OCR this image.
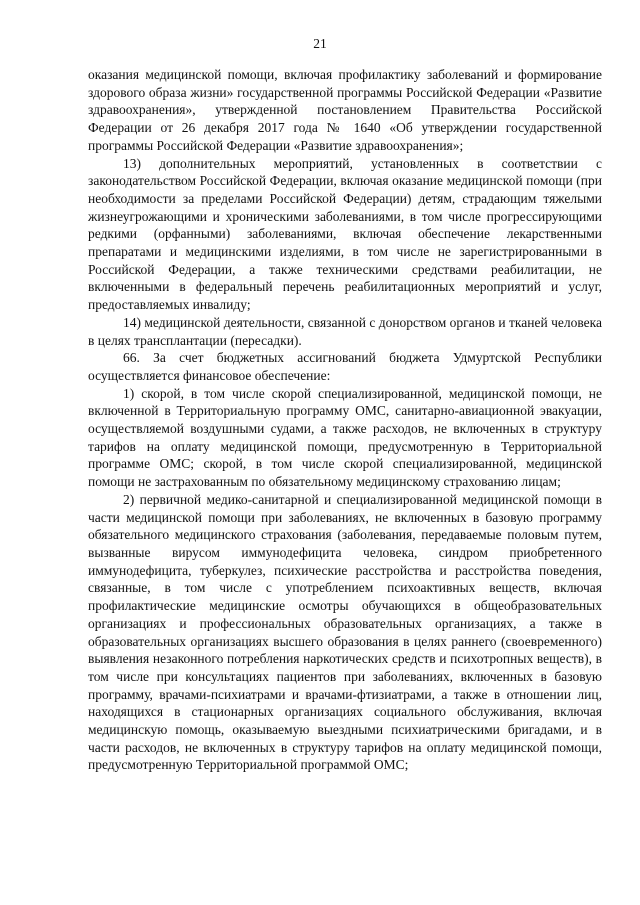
21

оказания медицинской помощи, включая профилактику заболеваний и формирование здорового образа жизни» государственной программы Российской Федерации «Развитие здравоохранения», утвержденной постановлением Правительства Российской Федерации от 26 декабря 2017 года № 1640 «Об утверждении государственной программы Российской Федерации «Развитие здравоохранения»;

13) дополнительных мероприятий, установленных в соответствии с законодательством Российской Федерации, включая оказание медицинской помощи (при необходимости за пределами Российской Федерации) детям, страдающим тяжелыми жизнеугрожающими и хроническими заболеваниями, в том числе прогрессирующими редкими (орфанными) заболеваниями, включая обеспечение лекарственными препаратами и медицинскими изделиями, в том числе не зарегистрированными в Российской Федерации, а также техническими средствами реабилитации, не включенными в федеральный перечень реабилитационных мероприятий и услуг, предоставляемых инвалиду;

14) медицинской деятельности, связанной с донорством органов и тканей человека в целях трансплантации (пересадки).

66. За счет бюджетных ассигнований бюджета Удмуртской Республики осуществляется финансовое обеспечение:

1) скорой, в том числе скорой специализированной, медицинской помощи, не включенной в Территориальную программу ОМС, санитарно-авиационной эвакуации, осуществляемой воздушными судами, а также расходов, не включенных в структуру тарифов на оплату медицинской помощи, предусмотренную в Территориальной программе ОМС; скорой, в том числе скорой специализированной, медицинской помощи не застрахованным по обязательному медицинскому страхованию лицам;

2) первичной медико-санитарной и специализированной медицинской помощи в части медицинской помощи при заболеваниях, не включенных в базовую программу обязательного медицинского страхования (заболевания, передаваемые половым путем, вызванные вирусом иммунодефицита человека, синдром приобретенного иммунодефицита, туберкулез, психические расстройства и расстройства поведения, связанные, в том числе с употреблением психоактивных веществ, включая профилактические медицинские осмотры обучающихся в общеобразовательных организациях и профессиональных образовательных организациях, а также в образовательных организациях высшего образования в целях раннего (своевременного) выявления незаконного потребления наркотических средств и психотропных веществ), в том числе при консультациях пациентов при заболеваниях, включенных в базовую программу, врачами-психиатрами и врачами-фтизиатрами, а также в отношении лиц, находящихся в стационарных организациях социального обслуживания, включая медицинскую помощь, оказываемую выездными психиатрическими бригадами, и в части расходов, не включенных в структуру тарифов на оплату медицинской помощи, предусмотренную Территориальной программой ОМС;
